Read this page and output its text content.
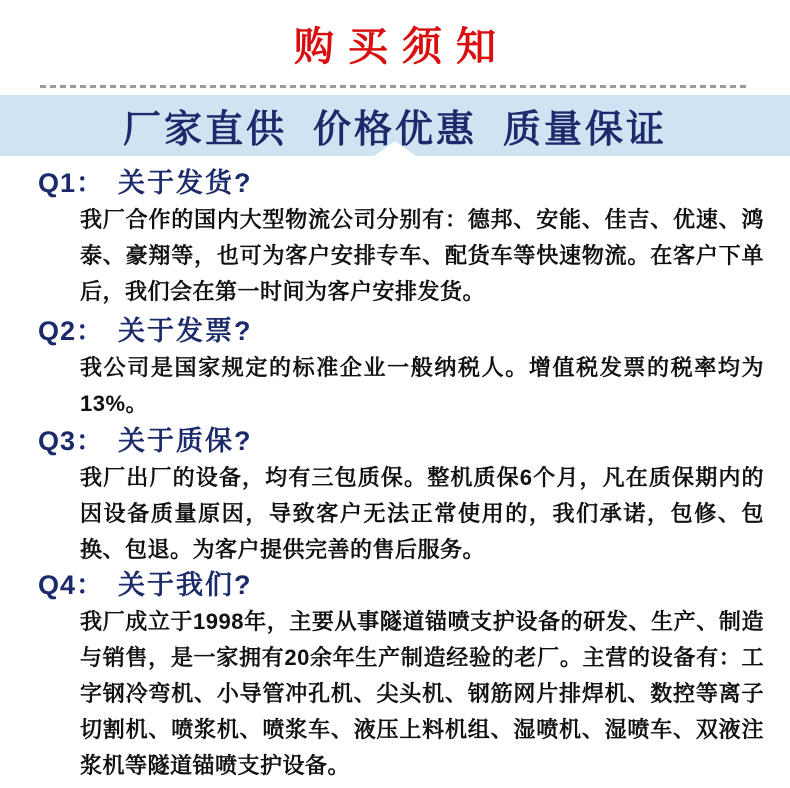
购买须知
厂家直供 价格优惠 质量保证
Q1： 关于发货?

我厂合作的国内大型物流公司分别有：德邦、安能、佳吉、优速、鸿泰、豪翔等，也可为客户安排专车、配货车等快速物流。在客户下单后，我们会在第一时间为客户安排发货。

Q2： 关于发票?

我公司是国家规定的标准企业一般纳税人。增值税发票的税率均为13%。

Q3： 关于质保?

我厂出厂的设备，均有三包质保。整机质保6个月，凡在质保期内的因设备质量原因，导致客户无法正常使用的，我们承诺，包修、包换、包退。为客户提供完善的售后服务。

Q4： 关于我们?

我厂成立于1998年，主要从事隧道锚喷支护设备的研发、生产、制造与销售，是一家拥有20余年生产制造经验的老厂。主营的设备有：工字钢冷弯机、小导管冲孔机、尖头机、钢筋网片排焊机、数控等离子切割机、喷浆机、喷浆车、液压上料机组、湿喷机、湿喷车、双液注浆机等隧道锚喷支护设备。
